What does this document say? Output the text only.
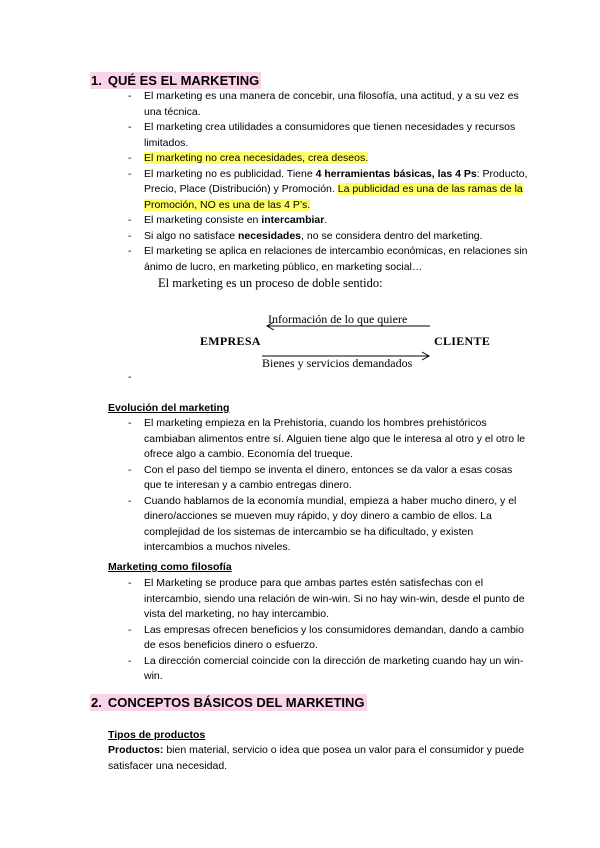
1. QUÉ ES EL MARKETING
- El marketing es una manera de concebir, una filosofía, una actitud, y a su vez es una técnica.
- El marketing crea utilidades a consumidores que tienen necesidades y recursos limitados.
- El marketing no crea necesidades, crea deseos.
- El marketing no es publicidad. Tiene 4 herramientas básicas, las 4 Ps: Producto, Precio, Place (Distribución) y Promoción. La publicidad es una de las ramas de la Promoción, NO es una de las 4 P’s.
- El marketing consiste en intercambiar.
- Si algo no satisface necesidades, no se considera dentro del marketing.
- El marketing se aplica en relaciones de intercambio económicas, en relaciones sin ánimo de lucro, en marketing público, en marketing social…
El marketing es un proceso de doble sentido:
Información de lo que quiere
EMPRESA	CLIENTE
Bienes y servicios demandados
Evolución del marketing
- El marketing empieza en la Prehistoria, cuando los hombres prehistóricos cambiaban alimentos entre sí. Alguien tiene algo que le interesa al otro y el otro le ofrece algo a cambio. Economía del trueque.
- Con el paso del tiempo se inventa el dinero, entonces se da valor a esas cosas que te interesan y a cambio entregas dinero.
- Cuando hablamos de la economía mundial, empieza a haber mucho dinero, y el dinero/acciones se mueven muy rápido, y doy dinero a cambio de ellos. La complejidad de los sistemas de intercambio se ha dificultado, y existen intercambios a muchos niveles.
Marketing como filosofía
- El Marketing se produce para que ambas partes estén satisfechas con el intercambio, siendo una relación de win-win. Si no hay win-win, desde el punto de vista del marketing, no hay intercambio.
- Las empresas ofrecen beneficios y los consumidores demandan, dando a cambio de esos beneficios dinero o esfuerzo.
- La dirección comercial coincide con la dirección de marketing cuando hay un win-win.
2. CONCEPTOS BÁSICOS DEL MARKETING
Tipos de productos
Productos: bien material, servicio o idea que posea un valor para el consumidor y puede satisfacer una necesidad.
